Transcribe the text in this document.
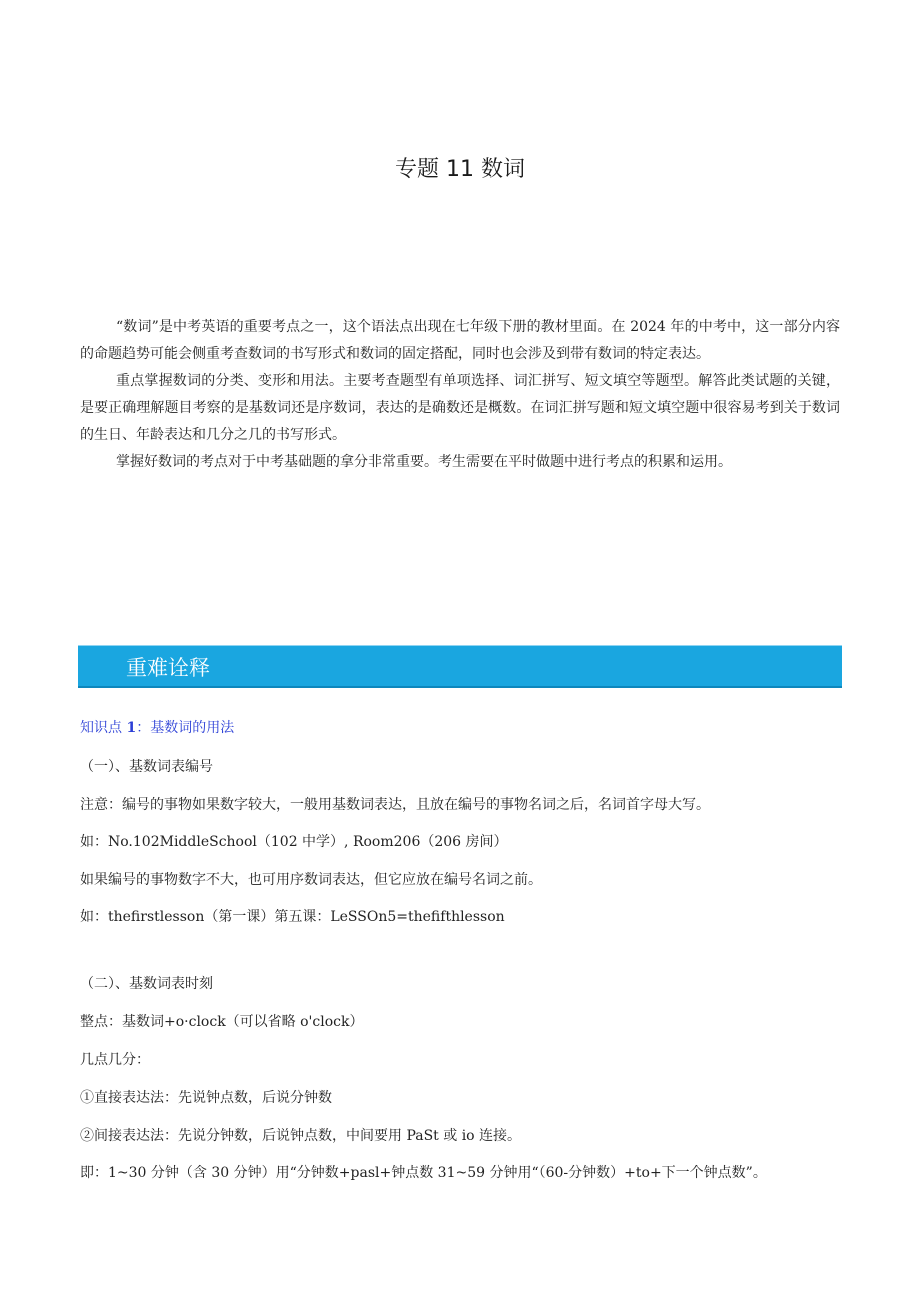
专题 11 数词

“数词”是中考英语的重要考点之一，这个语法点出现在七年级下册的教材里面。在 2024 年的中考中，这一部分内容的命题趋势可能会侧重考查数词的书写形式和数词的固定搭配，同时也会涉及到带有数词的特定表达。

重点掌握数词的分类、变形和用法。主要考查题型有单项选择、词汇拼写、短文填空等题型。解答此类试题的关键，是要正确理解题目考察的是基数词还是序数词，表达的是确数还是概数。在词汇拼写题和短文填空题中很容易考到关于数词的生日、年龄表达和几分之几的书写形式。

掌握好数词的考点对于中考基础题的拿分非常重要。考生需要在平时做题中进行考点的积累和运用。

重难诠释
知识点 1：基数词的用法
（一）、基数词表编号
注意：编号的事物如果数字较大，一般用基数词表达，且放在编号的事物名词之后，名词首字母大写。
如：No.102MiddleSchool（102 中学）, Room206（206 房间）
如果编号的事物数字不大，也可用序数词表达，但它应放在编号名词之前。
如：thefirstlesson（第一课）第五课：LeSSOn5=thefifthlesson
（二）、基数词表时刻
整点：基数词+o·clock（可以省略 o'clock）
几点几分：
①直接表达法：先说钟点数，后说分钟数
②间接表达法：先说分钟数，后说钟点数，中间要用 PaSt 或 io 连接。
即：1~30 分钟（含 30 分钟）用“分钟数+pasl+钟点数 31~59 分钟用“（60-分钟数）+to+下一个钟点数”。
